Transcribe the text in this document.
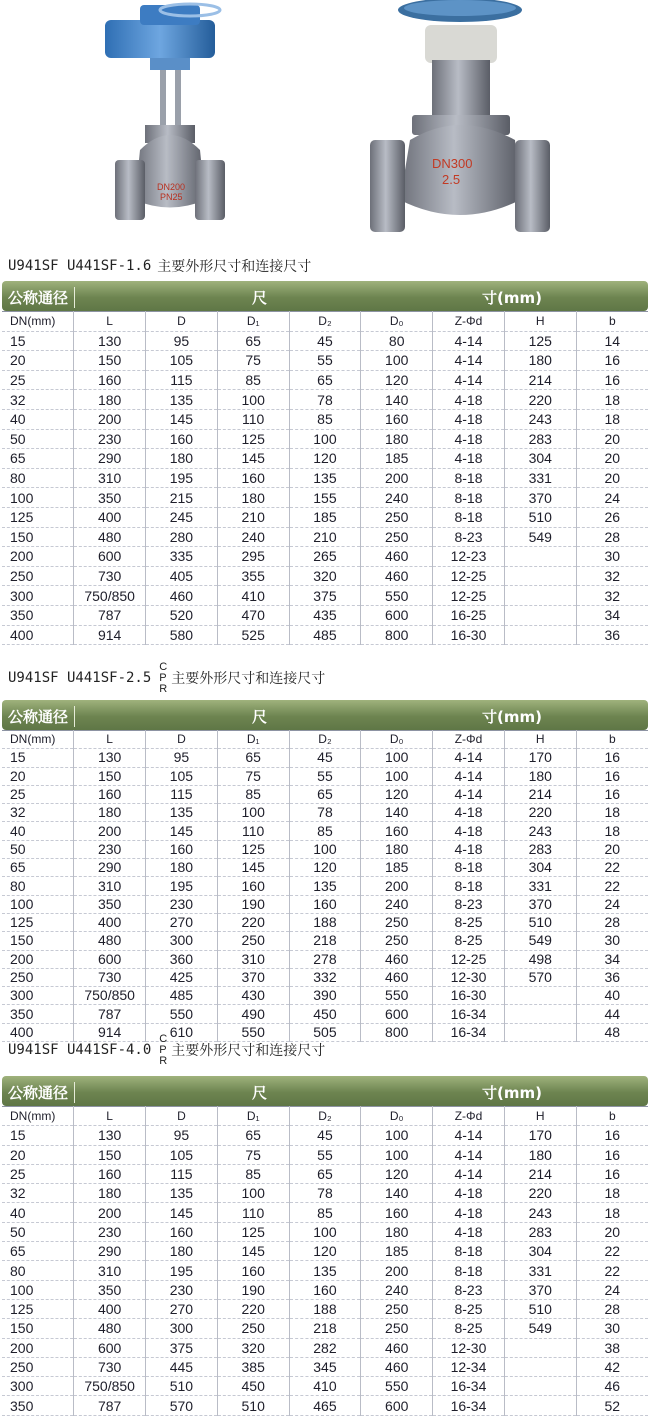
DN200
PN25
DN300
2.5
U941SF U441SF-1.6 主要外形尺寸和连接尺寸
公称通径	尺	寸(mm)
DN(mm)	L	D	D₁	D₂	D₀	Z-Φd	H	b
15	130	95	65	45	80	4-14	125	14
20	150	105	75	55	100	4-14	180	16
25	160	115	85	65	120	4-14	214	16
32	180	135	100	78	140	4-18	220	18
40	200	145	110	85	160	4-18	243	18
50	230	160	125	100	180	4-18	283	20
65	290	180	145	120	185	4-18	304	20
80	310	195	160	135	200	8-18	331	20
100	350	215	180	155	240	8-18	370	24
125	400	245	210	185	250	8-18	510	26
150	480	280	240	210	250	8-23	549	28
200	600	335	295	265	460	12-23		30
250	730	405	355	320	460	12-25		32
300	750/850	460	410	375	550	12-25		32
350	787	520	470	435	600	16-25		34
400	914	580	525	485	800	16-30		36
U941SF U441SF-2.5
C
P
R
主要外形尺寸和连接尺寸
公称通径	尺	寸(mm)
DN(mm)	L	D	D₁	D₂	D₀	Z-Φd	H	b
15	130	95	65	45	100	4-14	170	16
20	150	105	75	55	100	4-14	180	16
25	160	115	85	65	120	4-14	214	16
32	180	135	100	78	140	4-18	220	18
40	200	145	110	85	160	4-18	243	18
50	230	160	125	100	180	4-18	283	20
65	290	180	145	120	185	8-18	304	22
80	310	195	160	135	200	8-18	331	22
100	350	230	190	160	240	8-23	370	24
125	400	270	220	188	250	8-25	510	28
150	480	300	250	218	250	8-25	549	30
200	600	360	310	278	460	12-25	498	34
250	730	425	370	332	460	12-30	570	36
300	750/850	485	430	390	550	16-30		40
350	787	550	490	450	600	16-34		44
400	914	610	550	505	800	16-34		48
U941SF U441SF-4.0
C
P
R
主要外形尺寸和连接尺寸
公称通径	尺	寸(mm)
DN(mm)	L	D	D₁	D₂	D₀	Z-Φd	H	b
15	130	95	65	45	100	4-14	170	16
20	150	105	75	55	100	4-14	180	16
25	160	115	85	65	120	4-14	214	16
32	180	135	100	78	140	4-18	220	18
40	200	145	110	85	160	4-18	243	18
50	230	160	125	100	180	4-18	283	20
65	290	180	145	120	185	8-18	304	22
80	310	195	160	135	200	8-18	331	22
100	350	230	190	160	240	8-23	370	24
125	400	270	220	188	250	8-25	510	28
150	480	300	250	218	250	8-25	549	30
200	600	375	320	282	460	12-30		38
250	730	445	385	345	460	12-34		42
300	750/850	510	450	410	550	16-34		46
350	787	570	510	465	600	16-34		52
